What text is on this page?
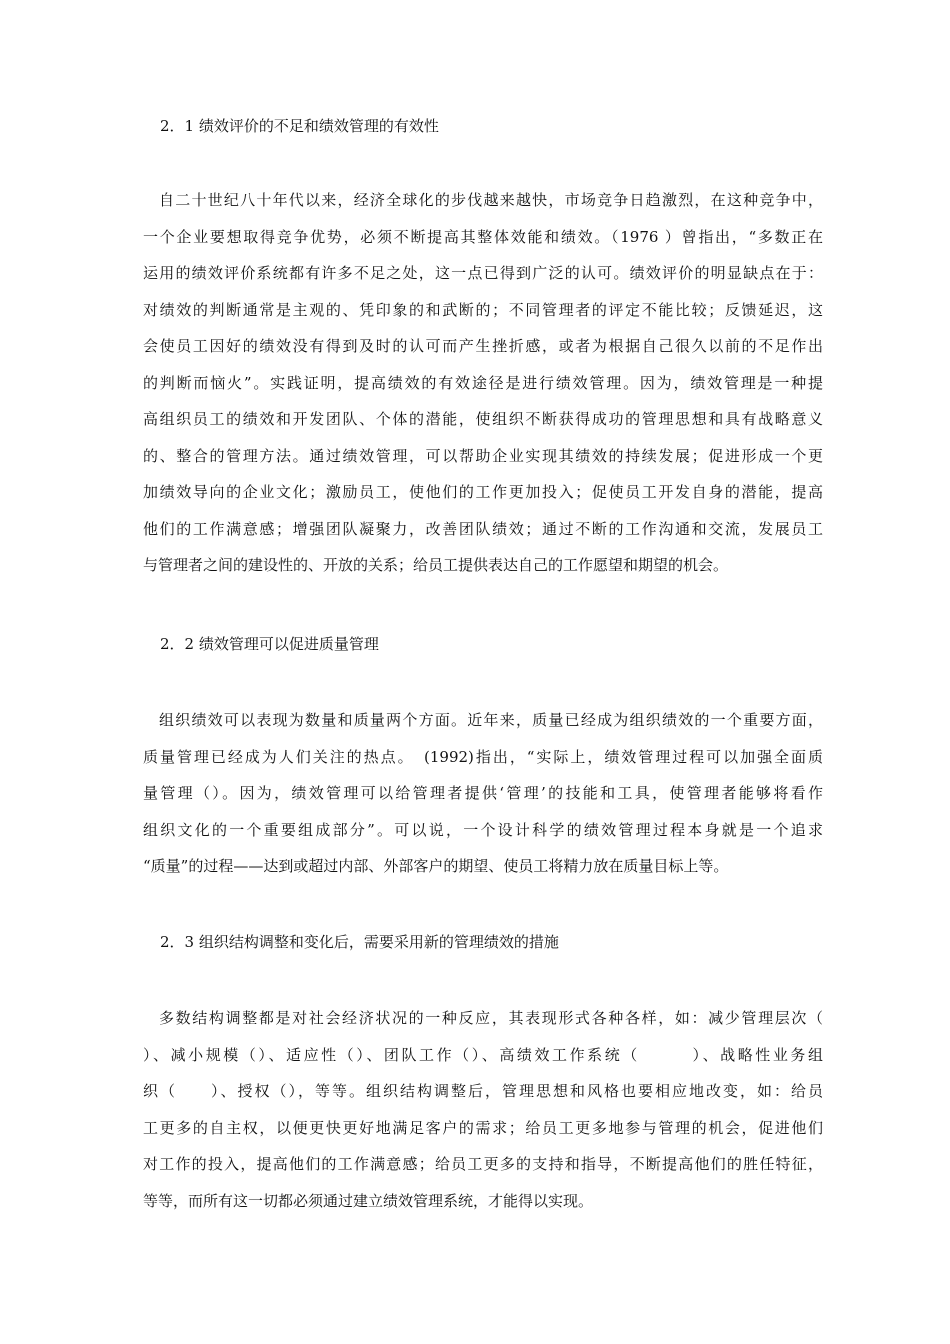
2．1 绩效评价的不足和绩效管理的有效性
自二十世纪八十年代以来，经济全球化的步伐越来越快，市场竞争日趋激烈，在这种竞争中，
一个企业要想取得竞争优势，必须不断提高其整体效能和绩效。（1976 ）曾指出，“多数正在
运用的绩效评价系统都有许多不足之处，这一点已得到广泛的认可。绩效评价的明显缺点在于：
对绩效的判断通常是主观的、凭印象的和武断的；不同管理者的评定不能比较；反馈延迟，这
会使员工因好的绩效没有得到及时的认可而产生挫折感，或者为根据自己很久以前的不足作出
的判断而恼火”。实践证明，提高绩效的有效途径是进行绩效管理。因为，绩效管理是一种提
高组织员工的绩效和开发团队、个体的潜能，使组织不断获得成功的管理思想和具有战略意义
的、整合的管理方法。通过绩效管理，可以帮助企业实现其绩效的持续发展；促进形成一个更
加绩效导向的企业文化；激励员工，使他们的工作更加投入；促使员工开发自身的潜能，提高
他们的工作满意感；增强团队凝聚力，改善团队绩效；通过不断的工作沟通和交流，发展员工
与管理者之间的建设性的、开放的关系；给员工提供表达自己的工作愿望和期望的机会。
2．2 绩效管理可以促进质量管理
组织绩效可以表现为数量和质量两个方面。近年来，质量已经成为组织绩效的一个重要方面，
质量管理已经成为人们关注的热点。　(1992)指出，“实际上，绩效管理过程可以加强全面质
量管理（）。因为，绩效管理可以给管理者提供‘管理’的技能和工具，使管理者能够将看作
组织文化的一个重要组成部分”。可以说，一个设计科学的绩效管理过程本身就是一个追求
“质量”的过程——达到或超过内部、外部客户的期望、使员工将精力放在质量目标上等。
2．3 组织结构调整和变化后，需要采用新的管理绩效的措施
多数结构调整都是对社会经济状况的一种反应，其表现形式各种各样，如：减少管理层次（
）、减小规模（）、适应性（）、团队工作（）、高绩效工作系统（　　　）、战略性业务组
织（　　）、授权（），等等。组织结构调整后，管理思想和风格也要相应地改变，如：给员
工更多的自主权，以便更快更好地满足客户的需求；给员工更多地参与管理的机会，促进他们
对工作的投入，提高他们的工作满意感；给员工更多的支持和指导，不断提高他们的胜任特征，
等等，而所有这一切都必须通过建立绩效管理系统，才能得以实现。
